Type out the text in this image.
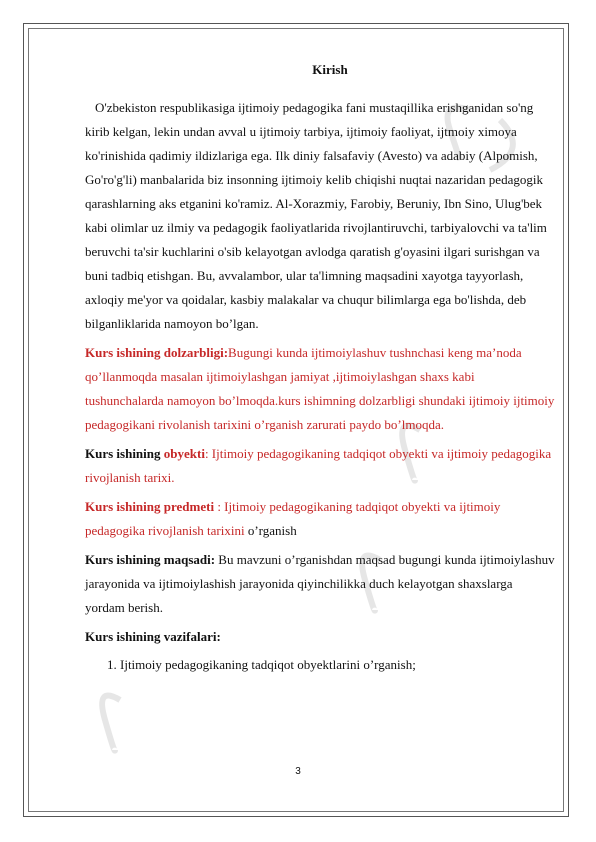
Kirish

O'zbekiston respublikasiga ijtimoiy pedagogika fani mustaqillika erishganidan so'ng kirib kelgan, lekin undan avval u ijtimoiy tarbiya, ijtimoiy faoliyat, ijtmoiy ximoya ko'rinishida qadimiy ildizlariga ega. Ilk diniy falsafaviy (Avesto) va adabiy (Alpomish, Go'ro'g'li) manbalarida biz insonning ijtimoiy kelib chiqishi nuqtai nazaridan pedagogik qarashlarning aks etganini ko'ramiz. Al-Xorazmiy, Farobiy, Beruniy, Ibn Sino, Ulug'bek kabi olimlar uz ilmiy va pedagogik faoliyatlarida rivojlantiruvchi, tarbiyalovchi va ta'lim beruvchi ta'sir kuchlarini o'sib kelayotgan avlodga qaratish g'oyasini ilgari surishgan va buni tadbiq etishgan. Bu, avvalambor, ular ta'limning maqsadini xayotga tayyorlash, axloqiy me'yor va qoidalar, kasbiy malakalar va chuqur bilimlarga ega bo'lishda, deb bilganliklarida namoyon bo’lgan.

Kurs ishining dolzarbligi:Bugungi kunda ijtimoiylashuv tushnchasi keng ma’noda qo’llanmoqda masalan ijtimoiylashgan jamiyat ,ijtimoiylashgan shaxs kabi tushunchalarda namoyon bo’lmoqda.kurs ishimning dolzarbligi shundaki ijtimoiy ijtimoiy pedagogikani rivolanish tarixini o’rganish zarurati paydo bo’lmoqda.

Kurs ishining obyekti: Ijtimoiy pedagogikaning tadqiqot obyekti va ijtimoiy pedagogika rivojlanish tarixi.

Kurs ishining predmeti : Ijtimoiy pedagogikaning tadqiqot obyekti va ijtimoiy pedagogika rivojlanish tarixini o’rganish

Kurs ishining maqsadi: Bu mavzuni o’rganishdan maqsad bugungi kunda ijtimoiylashuv jarayonida va ijtimoiylashish jarayonida qiyinchilikka duch kelayotgan shaxslarga yordam berish.

Kurs ishining vazifalari:

1. Ijtimoiy pedagogikaning tadqiqot obyektlarini o’rganish;
3
